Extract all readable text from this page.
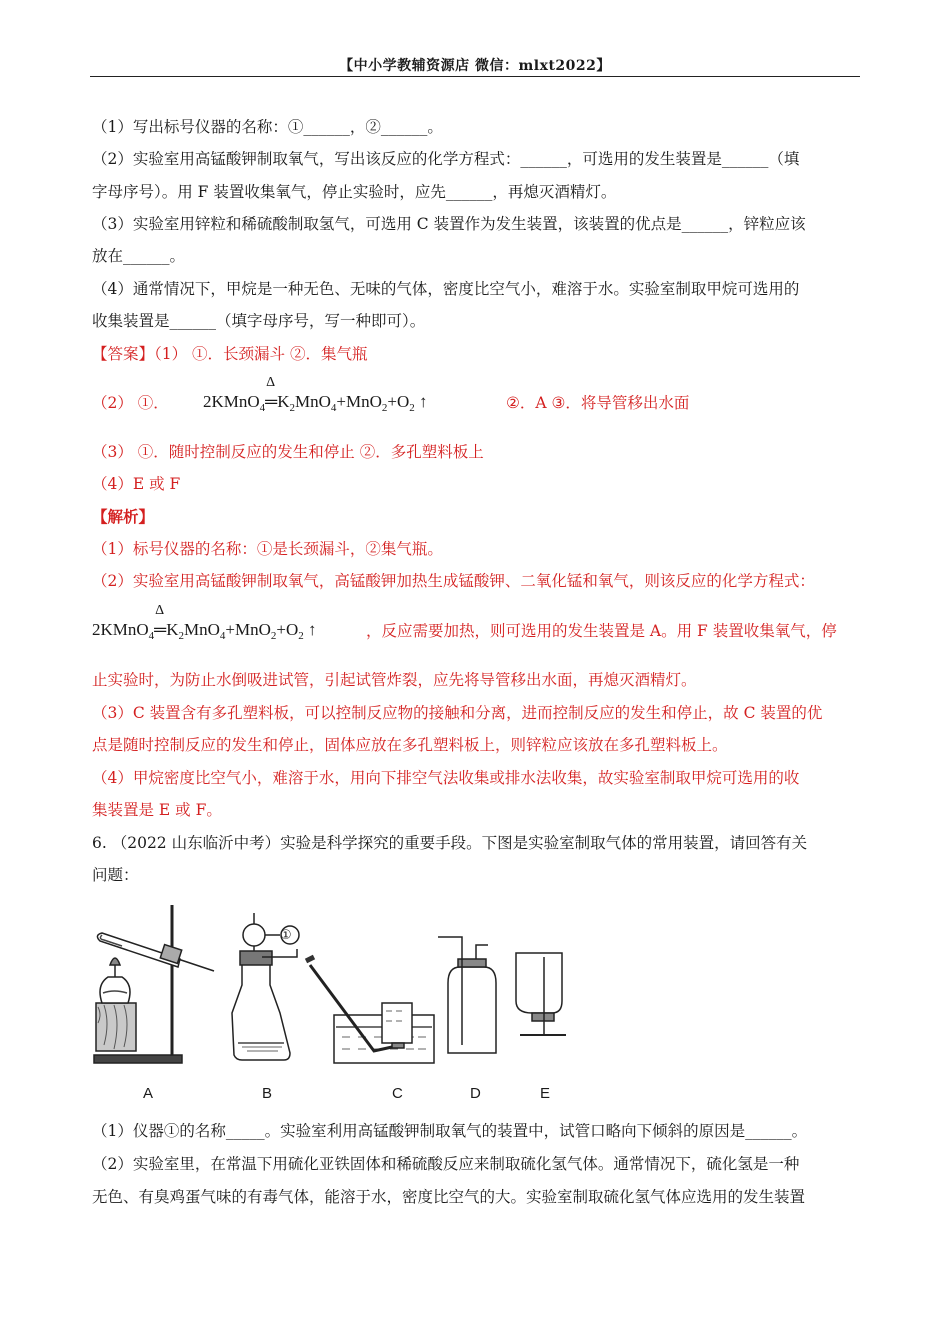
【中小学教辅资源店 微信：mlxt2022】
（1）写出标号仪器的名称：①______，②______。
（2）实验室用高锰酸钾制取氧气，写出该反应的化学方程式：______，可选用的发生装置是______（填
字母序号）。用 F 装置收集氧气，停止实验时，应先______，再熄灭酒精灯。
（3）实验室用锌粒和稀硫酸制取氢气，可选用 C 装置作为发生装置，该装置的优点是______，锌粒应该
放在______。
（4）通常情况下，甲烷是一种无色、无味的气体，密度比空气小，难溶于水。实验室制取甲烷可选用的
收集装置是______（填字母序号，写一种即可）。
【答案】（1） ①．长颈漏斗 ②．集气瓶
（2） ①． 2KMnO$_4$
Δ
$═K_2MnO_4+MnO_2+O_2$ ↑	②．A ③．将导管移出水面
（3） ①．随时控制反应的发生和停止 ②．多孔塑料板上
（4）E 或 F
【解析】
（1）标号仪器的名称：①是长颈漏斗，②集气瓶。
（2）实验室用高锰酸钾制取氧气，高锰酸钾加热生成锰酸钾、二氧化锰和氧气，则该反应的化学方程式：
2KMnO$_4$
Δ
$═K_2MnO_4+MnO_2+O_2$ ↑	，反应需要加热，则可选用的发生装置是 A。用 F 装置收集氧气，停
止实验时，为防止水倒吸进试管，引起试管炸裂，应先将导管移出水面，再熄灭酒精灯。
（3）C 装置含有多孔塑料板，可以控制反应物的接触和分离，进而控制反应的发生和停止，故 C 装置的优
点是随时控制反应的发生和停止，固体应放在多孔塑料板上，则锌粒应该放在多孔塑料板上。
（4）甲烷密度比空气小，难溶于水，用向下排空气法收集或排水法收集，故实验室制取甲烷可选用的收
集装置是 E 或 F。
6. （2022 山东临沂中考）实验是科学探究的重要手段。下图是实验室制取气体的常用装置，请回答有关
问题：
①
A	B	C	D	E
（1）仪器①的名称_____。实验室利用高锰酸钾制取氧气的装置中，试管口略向下倾斜的原因是______。
（2）实验室里，在常温下用硫化亚铁固体和稀硫酸反应来制取硫化氢气体。通常情况下，硫化氢是一种
无色、有臭鸡蛋气味的有毒气体，能溶于水，密度比空气的大。实验室制取硫化氢气体应选用的发生装置
